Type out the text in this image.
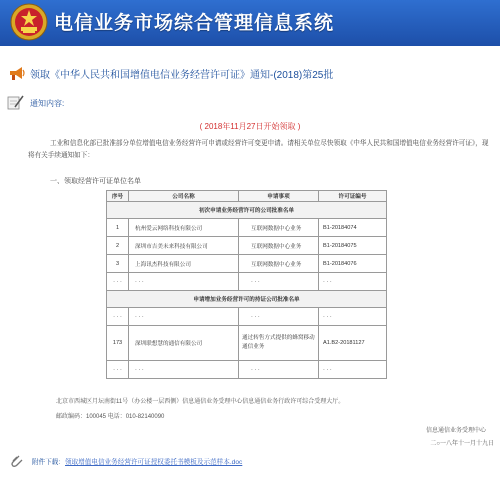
电信业务市场综合管理信息系统
领取《中华人民共和国增值电信业务经营许可证》通知-(2018)第25批
通知内容:
( 2018年11月27日开始领取 )
工业和信息化部已批准部分单位增值电信业务经营许可申请或经营许可变更申请。请相关单位尽快领取《中华人民共和国增值电信业务经营许可证》，现将有关手续通知如下：
一、领取经营许可证单位名单
序号	公司名称	申请事项	许可证编号
初次申请业务经营许可的公司批准名单			
1	杭州爱云网络科技有限公司	互联网数据中心业务	B1-20184074
2	深圳市吉美未来科技有限公司	互联网数据中心业务	B1-20184075
3	上海讯杰科技有限公司	互联网数据中心业务	B1-20184076
· · ·	· · ·	· · ·	· · ·
申请增加业务经营许可的持证公司批准名单			
· · ·	· · ·	· · ·	· · ·
173	深圳联想慧的通信有限公司	通过转售方式提供的蜂窝移动通信业务	A1.B2-20181127
· · ·	· · ·	· · ·	· · ·
北京市西城区月坛南街11号（办公楼一层西侧）信息通信业务受理中心信息通信业务行政许可综合受理大厅。
邮政编码：100045 电话：010-82140090
信息通信业务受理中心
二○一八年十一月十九日
附件下载: 领取增值电信业务经营许可证授权委托书模板及示范样本.doc
